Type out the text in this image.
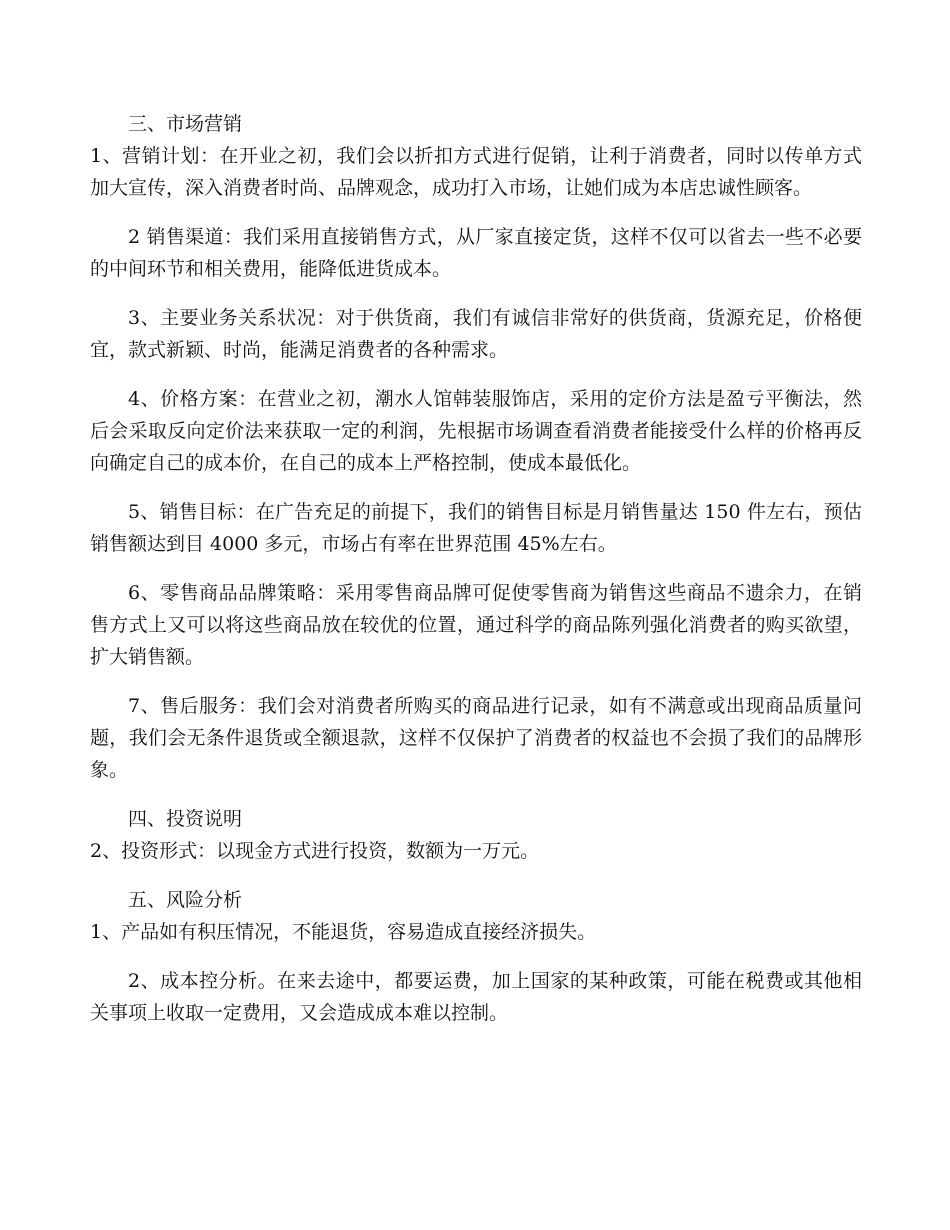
三、市场营销

1、营销计划：在开业之初，我们会以折扣方式进行促销，让利于消费者，同时以传单方式加大宣传，深入消费者时尚、品牌观念，成功打入市场，让她们成为本店忠诚性顾客。

2 销售渠道：我们采用直接销售方式，从厂家直接定货，这样不仅可以省去一些不必要的中间环节和相关费用，能降低进货成本。

3、主要业务关系状况：对于供货商，我们有诚信非常好的供货商，货源充足，价格便宜，款式新颖、时尚，能满足消费者的各种需求。

4、价格方案：在营业之初，潮水人馆韩装服饰店，采用的定价方法是盈亏平衡法，然后会采取反向定价法来获取一定的利润，先根据市场调查看消费者能接受什么样的价格再反向确定自己的成本价，在自己的成本上严格控制，使成本最低化。

5、销售目标：在广告充足的前提下，我们的销售目标是月销售量达 150 件左右，预估销售额达到目 4000 多元，市场占有率在世界范围 45%左右。

6、零售商品品牌策略：采用零售商品牌可促使零售商为销售这些商品不遗余力，在销售方式上又可以将这些商品放在较优的位置，通过科学的商品陈列强化消费者的购买欲望，扩大销售额。

7、售后服务：我们会对消费者所购买的商品进行记录，如有不满意或出现商品质量问题，我们会无条件退货或全额退款，这样不仅保护了消费者的权益也不会损了我们的品牌形象。

四、投资说明

2、投资形式：以现金方式进行投资，数额为一万元。

五、风险分析

1、产品如有积压情况，不能退货，容易造成直接经济损失。

2、成本控分析。在来去途中，都要运费，加上国家的某种政策，可能在税费或其他相关事项上收取一定费用，又会造成成本难以控制。
